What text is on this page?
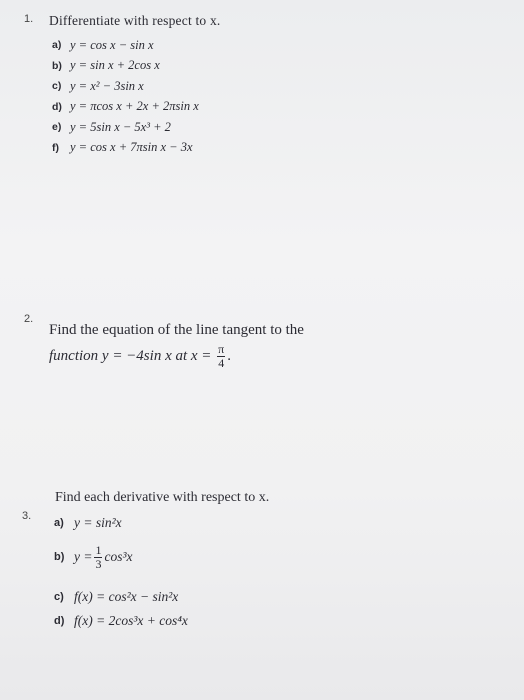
1. Differentiate with respect to x.
a) y = cos x − sin x
b) y = sin x + 2cos x
c) y = x² − 3sin x
d) y = πcos x + 2x + 2πsin x
e) y = 5sin x − 5x³ + 2
f) y = cos x + 7πsin x − 3x
2.
Find the equation of the line tangent to the
function y = −4sin x at $x = \frac{\pi}{4}$ .
3.
Find each derivative with respect to x.
a) y = sin²x
b) $y = \frac{1}{3} \cos^3x$
c) f(x) = cos²x − sin²x
d) f(x) = 2cos³x + cos⁴x
